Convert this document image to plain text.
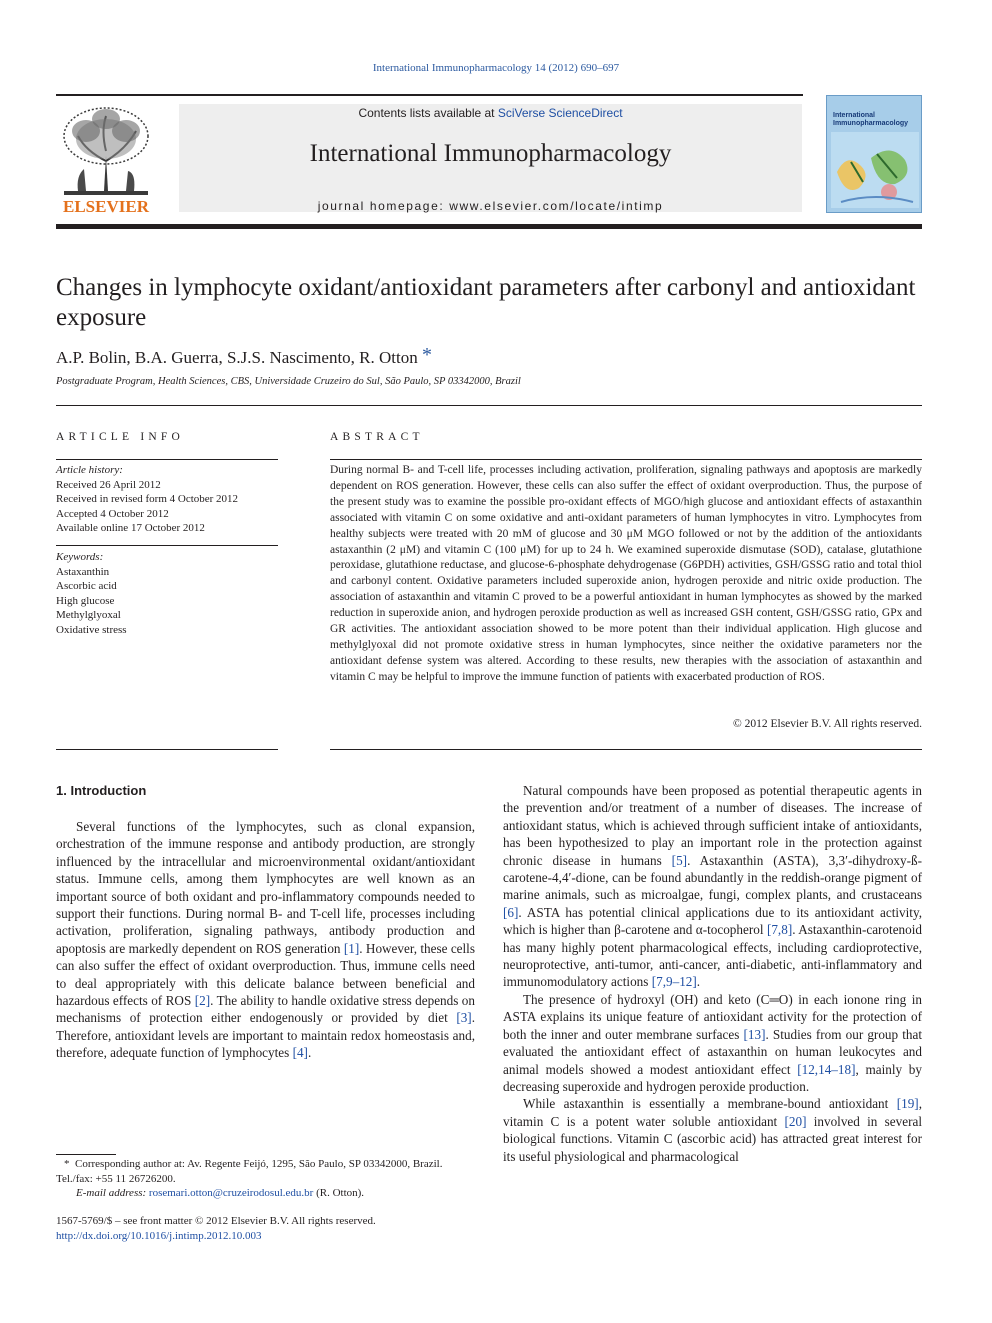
International Immunopharmacology 14 (2012) 690–697
ELSEVIER
Contents lists available at SciVerse ScienceDirect
International Immunopharmacology
journal homepage: www.elsevier.com/locate/intimp
International
Immunopharmacology
Changes in lymphocyte oxidant/antioxidant parameters after carbonyl and antioxidant exposure
A.P. Bolin, B.A. Guerra, S.J.S. Nascimento, R. Otton *
Postgraduate Program, Health Sciences, CBS, Universidade Cruzeiro do Sul, São Paulo, SP 03342000, Brazil
ARTICLE INFO	ABSTRACT
Article history:
Received 26 April 2012
Received in revised form 4 October 2012
Accepted 4 October 2012
Available online 17 October 2012
Keywords:
Astaxanthin
Ascorbic acid
High glucose
Methylglyoxal
Oxidative stress
During normal B- and T-cell life, processes including activation, proliferation, signaling pathways and apoptosis are markedly dependent on ROS generation. However, these cells can also suffer the effect of oxidant overproduction. Thus, the purpose of the present study was to examine the possible pro-oxidant effects of MGO/high glucose and antioxidant effects of astaxanthin associated with vitamin C on some oxidative and anti-oxidant parameters of human lymphocytes in vitro. Lymphocytes from healthy subjects were treated with 20 mM of glucose and 30 μM MGO followed or not by the addition of the antioxidants astaxanthin (2 μM) and vitamin C (100 μM) for up to 24 h. We examined superoxide dismutase (SOD), catalase, glutathione peroxidase, glutathione reductase, and glucose-6-phosphate dehydrogenase (G6PDH) activities, GSH/GSSG ratio and total thiol and carbonyl content. Oxidative parameters included superoxide anion, hydrogen peroxide and nitric oxide production. The association of astaxanthin and vitamin C proved to be a powerful antioxidant in human lymphocytes as showed by the marked reduction in superoxide anion, and hydrogen peroxide production as well as increased GSH content, GSH/GSSG ratio, GPx and GR activities. The antioxidant association showed to be more potent than their individual application. High glucose and methylglyoxal did not promote oxidative stress in human lymphocytes, since neither the oxidative parameters nor the antioxidant defense system was altered. According to these results, new therapies with the association of astaxanthin and vitamin C may be helpful to improve the immune function of patients with exacerbated production of ROS.
© 2012 Elsevier B.V. All rights reserved.
1. Introduction

Several functions of the lymphocytes, such as clonal expansion, orchestration of the immune response and antibody production, are strongly influenced by the intracellular and microenvironmental oxidant/antioxidant status. Immune cells, among them lymphocytes are well known as an important source of both oxidant and pro-inflammatory compounds needed to support their functions. During normal B- and T-cell life, processes including activation, proliferation, signaling pathways, antibody production and apoptosis are markedly dependent on ROS generation [1]. However, these cells can also suffer the effect of oxidant overproduction. Thus, immune cells need to deal appropriately with this delicate balance between beneficial and hazardous effects of ROS [2]. The ability to handle oxidative stress depends on mechanisms of protection either endogenously or provided by diet [3]. Therefore, antioxidant levels are important to maintain redox homeostasis and, therefore, adequate function of lymphocytes [4].

Natural compounds have been proposed as potential therapeutic agents in the prevention and/or treatment of a number of diseases. The increase of antioxidant status, which is achieved through sufficient intake of antioxidants, has been hypothesized to play an important role in the protection against chronic disease in humans [5]. Astaxanthin (ASTA), 3,3′-dihydroxy-ß-carotene-4,4′-dione, can be found abundantly in the reddish-orange pigment of marine animals, such as microalgae, fungi, complex plants, and crustaceans [6]. ASTA has potential clinical applications due to its antioxidant activity, which is higher than β-carotene and α-tocopherol [7,8]. Astaxanthin-carotenoid has many highly potent pharmacological effects, including cardioprotective, neuroprotective, anti-tumor, anti-cancer, anti-diabetic, anti-inflammatory and immunomodulatory actions [7,9–12].

The presence of hydroxyl (OH) and keto (C═O) in each ionone ring in ASTA explains its unique feature of antioxidant activity for the protection of both the inner and outer membrane surfaces [13]. Studies from our group that evaluated the antioxidant effect of astaxanthin on human leukocytes and animal models showed a modest antioxidant effect [12,14–18], mainly by decreasing superoxide and hydrogen peroxide production.

While astaxanthin is essentially a membrane-bound antioxidant [19], vitamin C is a potent water soluble antioxidant [20] involved in several biological functions. Vitamin C (ascorbic acid) has attracted great interest for its useful physiological and pharmacological

* Corresponding author at: Av. Regente Feijó, 1295, São Paulo, SP 03342000, Brazil. Tel./fax: +55 11 26726200.
E-mail address: rosemari.otton@cruzeirodosul.edu.br (R. Otton).
1567-5769/$ – see front matter © 2012 Elsevier B.V. All rights reserved.
http://dx.doi.org/10.1016/j.intimp.2012.10.003
